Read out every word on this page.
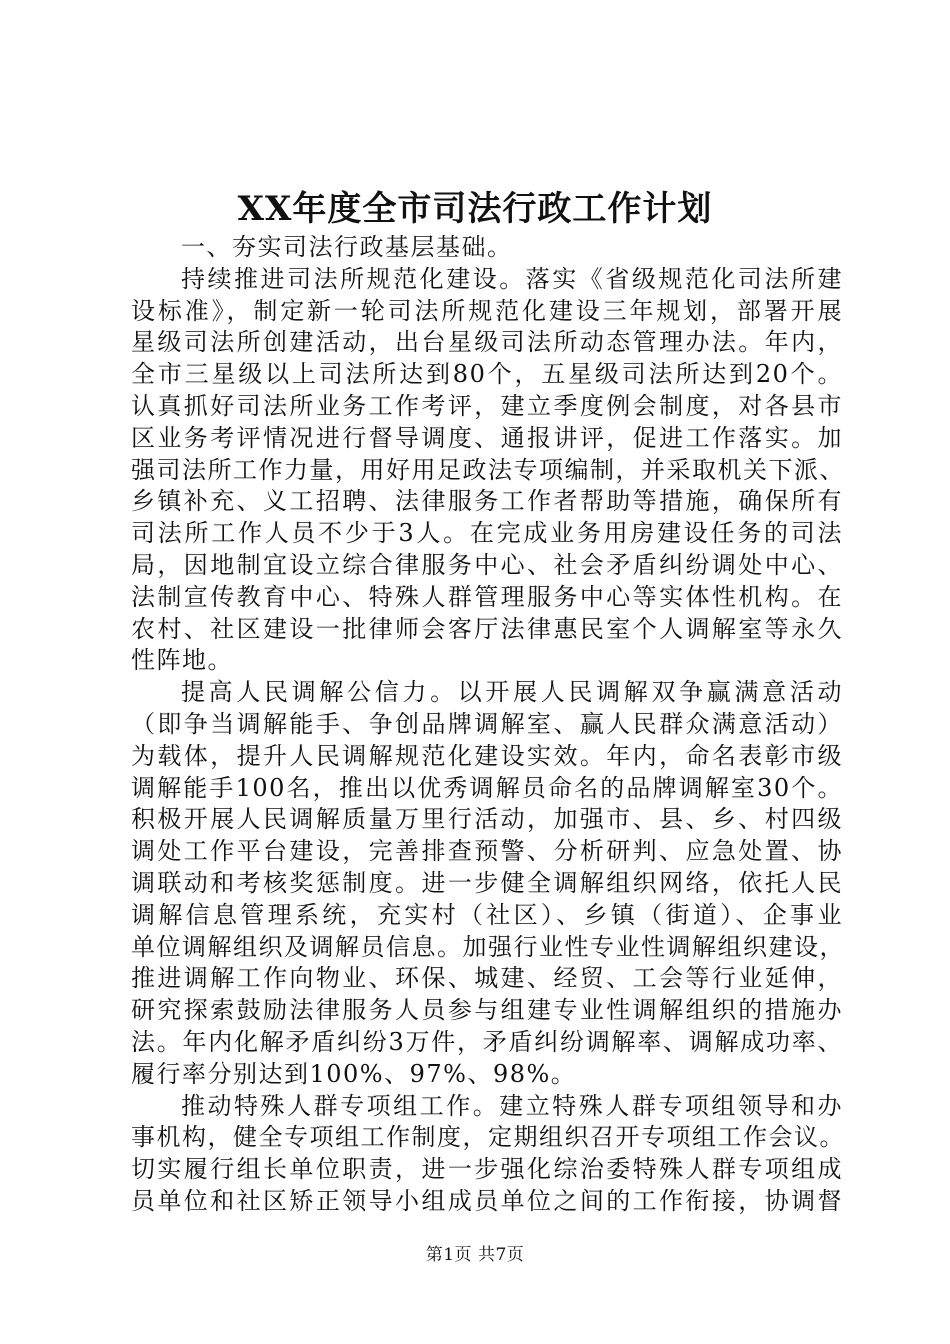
XX年度全市司法行政工作计划
一、夯实司法行政基层基础。
持续推进司法所规范化建设。落实《省级规范化司法所建
设标准》，制定新一轮司法所规范化建设三年规划，部署开展
星级司法所创建活动，出台星级司法所动态管理办法。年内，
全市三星级以上司法所达到80个，五星级司法所达到20个。
认真抓好司法所业务工作考评，建立季度例会制度，对各县市
区业务考评情况进行督导调度、通报讲评，促进工作落实。加
强司法所工作力量，用好用足政法专项编制，并采取机关下派、
乡镇补充、义工招聘、法律服务工作者帮助等措施，确保所有
司法所工作人员不少于3人。在完成业务用房建设任务的司法
局，因地制宜设立综合律服务中心、社会矛盾纠纷调处中心、
法制宣传教育中心、特殊人群管理服务中心等实体性机构。在
农村、社区建设一批律师会客厅法律惠民室个人调解室等永久
性阵地。
提高人民调解公信力。以开展人民调解双争赢满意活动
（即争当调解能手、争创品牌调解室、赢人民群众满意活动）
为载体，提升人民调解规范化建设实效。年内，命名表彰市级
调解能手100名，推出以优秀调解员命名的品牌调解室30个。
积极开展人民调解质量万里行活动，加强市、县、乡、村四级
调处工作平台建设，完善排查预警、分析研判、应急处置、协
调联动和考核奖惩制度。进一步健全调解组织网络，依托人民
调解信息管理系统，充实村（社区）、乡镇（街道）、企事业
单位调解组织及调解员信息。加强行业性专业性调解组织建设，
推进调解工作向物业、环保、城建、经贸、工会等行业延伸，
研究探索鼓励法律服务人员参与组建专业性调解组织的措施办
法。年内化解矛盾纠纷3万件，矛盾纠纷调解率、调解成功率、
履行率分别达到100%、97%、98%。
推动特殊人群专项组工作。建立特殊人群专项组领导和办
事机构，健全专项组工作制度，定期组织召开专项组工作会议。
切实履行组长单位职责，进一步强化综治委特殊人群专项组成
员单位和社区矫正领导小组成员单位之间的工作衔接，协调督
第1页 共7页
